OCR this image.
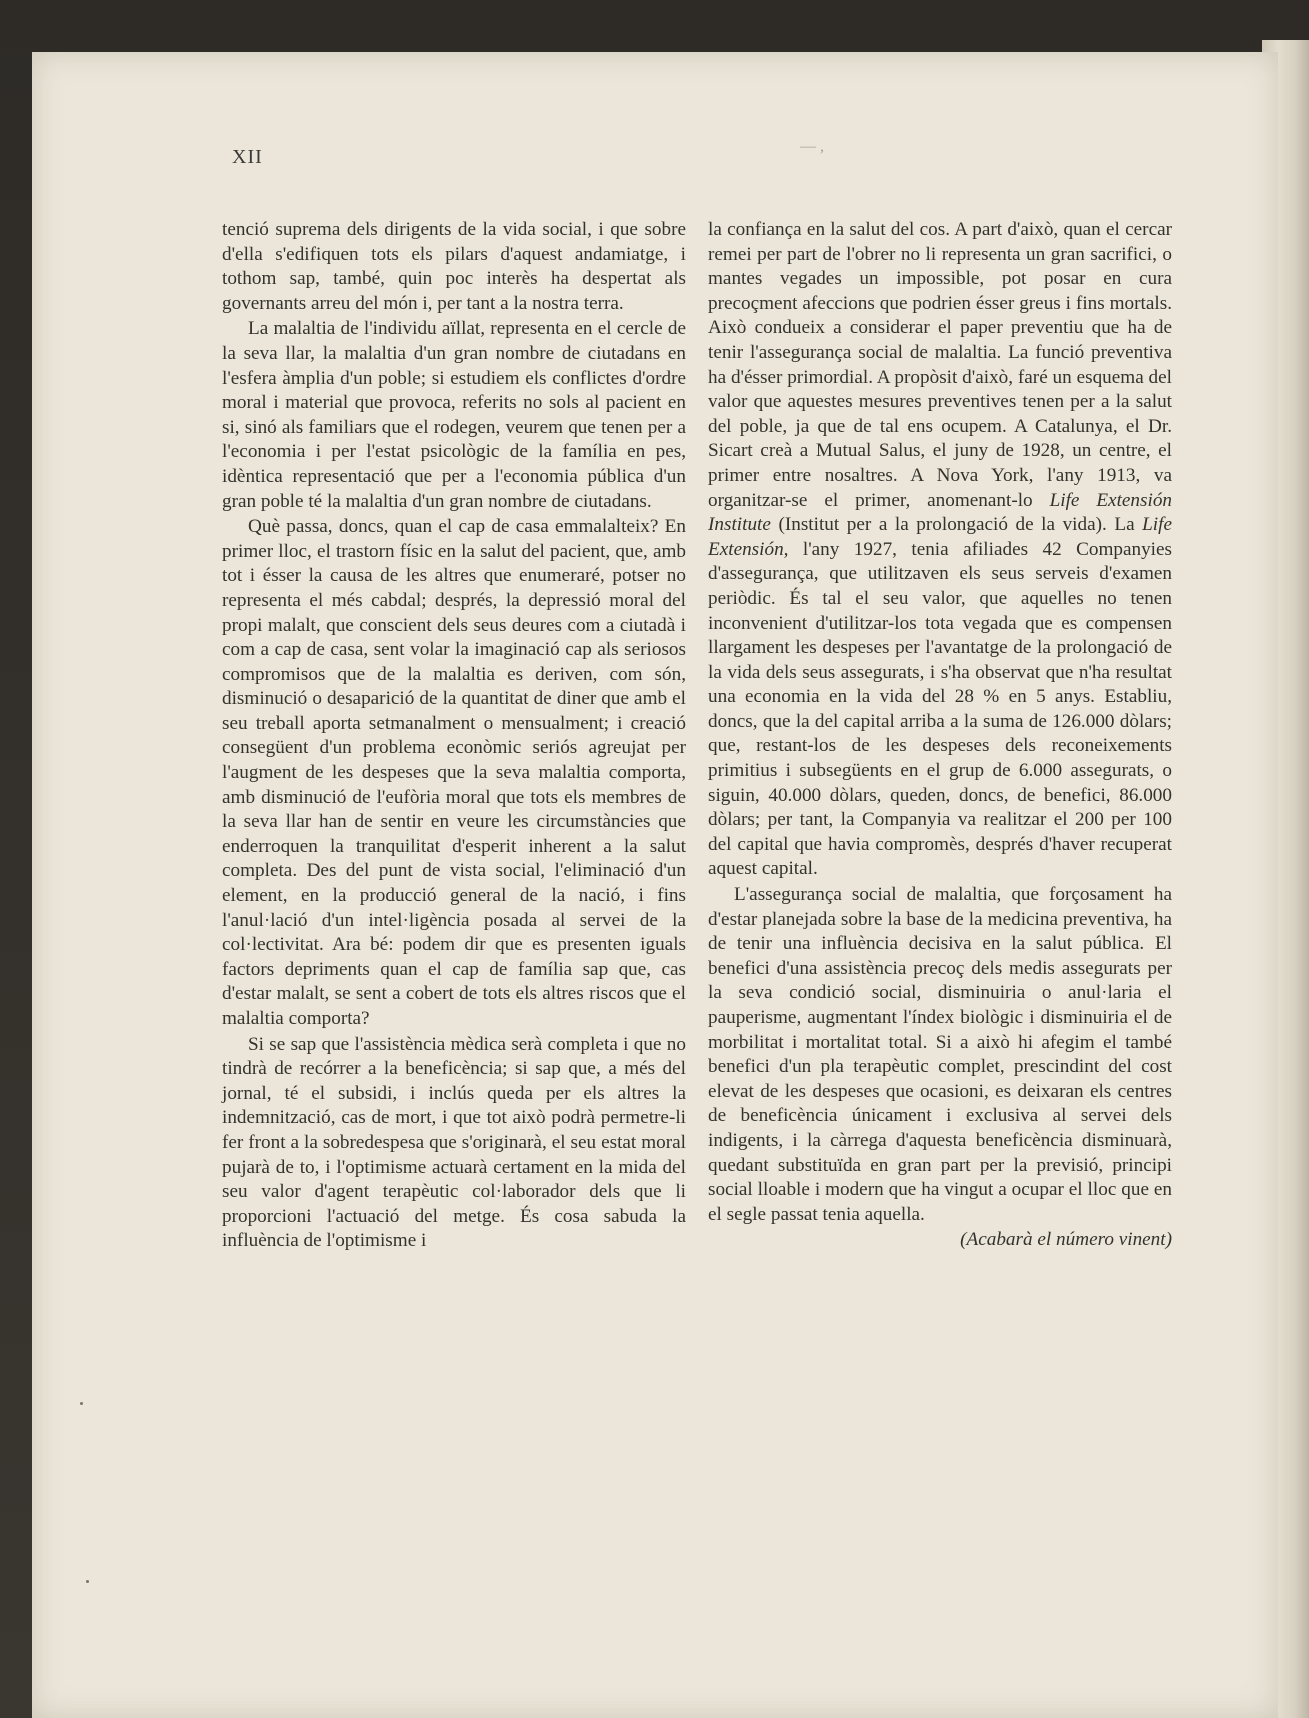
XII	— ,

tenció suprema dels dirigents de la vida social, i que sobre d'ella s'edifiquen tots els pilars d'aquest andamiatge, i tothom sap, també, quin poc interès ha despertat als governants arreu del món i, per tant a la nostra terra.

La malaltia de l'individu aïllat, representa en el cercle de la seva llar, la malaltia d'un gran nombre de ciutadans en l'esfera àmplia d'un poble; si estudiem els conflictes d'ordre moral i material que provoca, referits no sols al pacient en si, sinó als familiars que el rodegen, veurem que tenen per a l'economia i per l'estat psicològic de la família en pes, idèntica representació que per a l'economia pública d'un gran poble té la malaltia d'un gran nombre de ciutadans.

Què passa, doncs, quan el cap de casa emmalalteix? En primer lloc, el trastorn físic en la salut del pacient, que, amb tot i ésser la causa de les altres que enumeraré, potser no representa el més cabdal; després, la depressió moral del propi malalt, que conscient dels seus deures com a ciutadà i com a cap de casa, sent volar la imaginació cap als seriosos compromisos que de la malaltia es deriven, com són, disminució o desaparició de la quantitat de diner que amb el seu treball aporta setmanalment o mensualment; i creació consegüent d'un problema econòmic seriós agreujat per l'augment de les despeses que la seva malaltia comporta, amb disminució de l'eufòria moral que tots els membres de la seva llar han de sentir en veure les circumstàncies que enderroquen la tranquilitat d'esperit inherent a la salut completa. Des del punt de vista social, l'eliminació d'un element, en la producció general de la nació, i fins l'anul·lació d'un intel·ligència posada al servei de la col·lectivitat. Ara bé: podem dir que es presenten iguals factors depriments quan el cap de família sap que, cas d'estar malalt, se sent a cobert de tots els altres riscos que el malaltia comporta?

Si se sap que l'assistència mèdica serà completa i que no tindrà de recórrer a la beneficència; si sap que, a més del jornal, té el subsidi, i inclús queda per els altres la indemnització, cas de mort, i que tot això podrà permetre-li fer front a la sobredespesa que s'originarà, el seu estat moral pujarà de to, i l'optimisme actuarà certament en la mida del seu valor d'agent terapèutic col·laborador dels que li proporcioni l'actuació del metge. És cosa sabuda la influència de l'optimisme i

la confiança en la salut del cos. A part d'això, quan el cercar remei per part de l'obrer no li representa un gran sacrifici, o mantes vegades un impossible, pot posar en cura precoçment afeccions que podrien ésser greus i fins mortals. Això condueix a considerar el paper preventiu que ha de tenir l'assegurança social de malaltia. La funció preventiva ha d'ésser primordial. A propòsit d'això, faré un esquema del valor que aquestes mesures preventives tenen per a la salut del poble, ja que de tal ens ocupem. A Catalunya, el Dr. Sicart creà a Mutual Salus, el juny de 1928, un centre, el primer entre nosaltres. A Nova York, l'any 1913, va organitzar-se el primer, anomenant-lo Life Extensión Institute (Institut per a la prolongació de la vida). La Life Extensión, l'any 1927, tenia afiliades 42 Companyies d'assegurança, que utilitzaven els seus serveis d'examen periòdic. És tal el seu valor, que aquelles no tenen inconvenient d'utilitzar-los tota vegada que es compensen llargament les despeses per l'avantatge de la prolongació de la vida dels seus assegurats, i s'ha observat que n'ha resultat una economia en la vida del 28 % en 5 anys. Establiu, doncs, que la del capital arriba a la suma de 126.000 dòlars; que, restant-los de les despeses dels reconeixements primitius i subsegüents en el grup de 6.000 assegurats, o siguin, 40.000 dòlars, queden, doncs, de benefici, 86.000 dòlars; per tant, la Companyia va realitzar el 200 per 100 del capital que havia compromès, després d'haver recuperat aquest capital.

L'assegurança social de malaltia, que forçosament ha d'estar planejada sobre la base de la medicina preventiva, ha de tenir una influència decisiva en la salut pública. El benefici d'una assistència precoç dels medis assegurats per la seva condició social, disminuiria o anul·laria el pauperisme, augmentant l'índex biològic i disminuiria el de morbilitat i mortalitat total. Si a això hi afegim el també benefici d'un pla terapèutic complet, prescindint del cost elevat de les despeses que ocasioni, es deixaran els centres de beneficència únicament i exclusiva al servei dels indigents, i la càrrega d'aquesta beneficència disminuarà, quedant substituïda en gran part per la previsió, principi social lloable i modern que ha vingut a ocupar el lloc que en el segle passat tenia aquella.

(Acabarà el número vinent)
